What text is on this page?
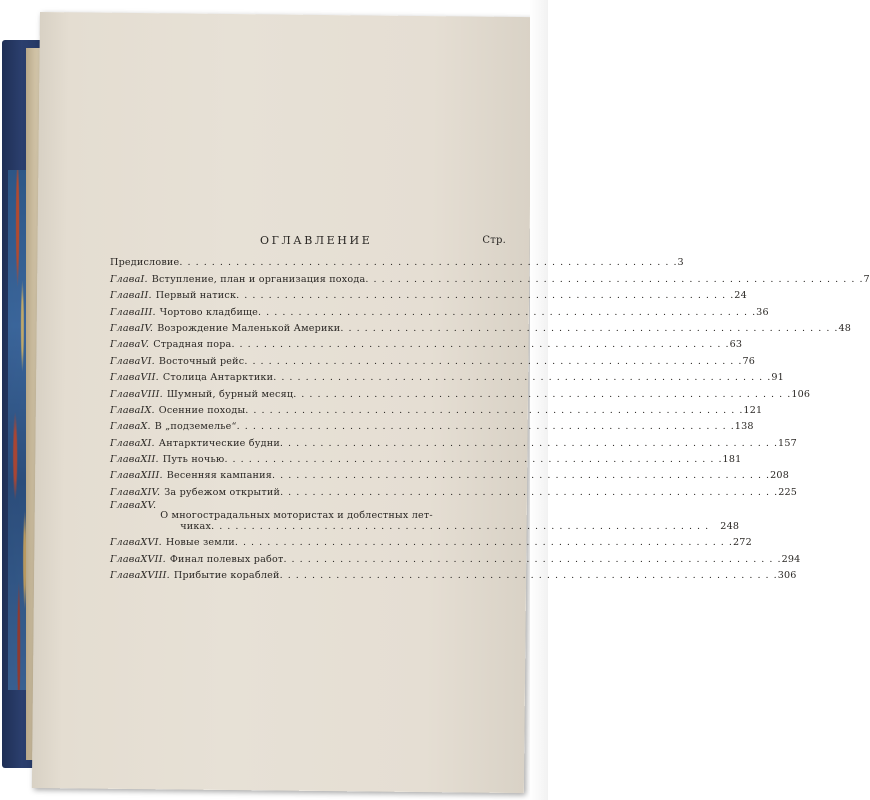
ОГЛАВЛЕНИЕ	Стр.
Предисловие . . .	3
Глава I. Вступление, план и организация похода . . .	7
Глава II. Первый натиск . . .	24
Глава III. Чортово кладбище . . .	36
Глава IV. Возрождение Маленькой Америки . . .	48
Глава V. Страдная пора . . .	63
Глава VI. Восточный рейс . . .	76
Глава VII. Столица Антарктики . . .	91
Глава VIII. Шумный, бурный месяц . . .	106
Глава IX. Осенние походы . . .	121
Глава X. В „подземелье“ . . .	138
Глава XI. Антарктические будни . . .	157
Глава XII. Путь ночью . . .	181
Глава XIII. Весенняя кампания . . .	208
Глава XIV. За рубежом открытий . . .	225
Глава XV.
О многострадальных мотористах и доблестных лет-
чиках . . .	248
Глава XVI. Новые земли . . .	272
Глава XVII. Финал полевых работ . . .	294
Глава XVIII. Прибытие кораблей . . .	306
